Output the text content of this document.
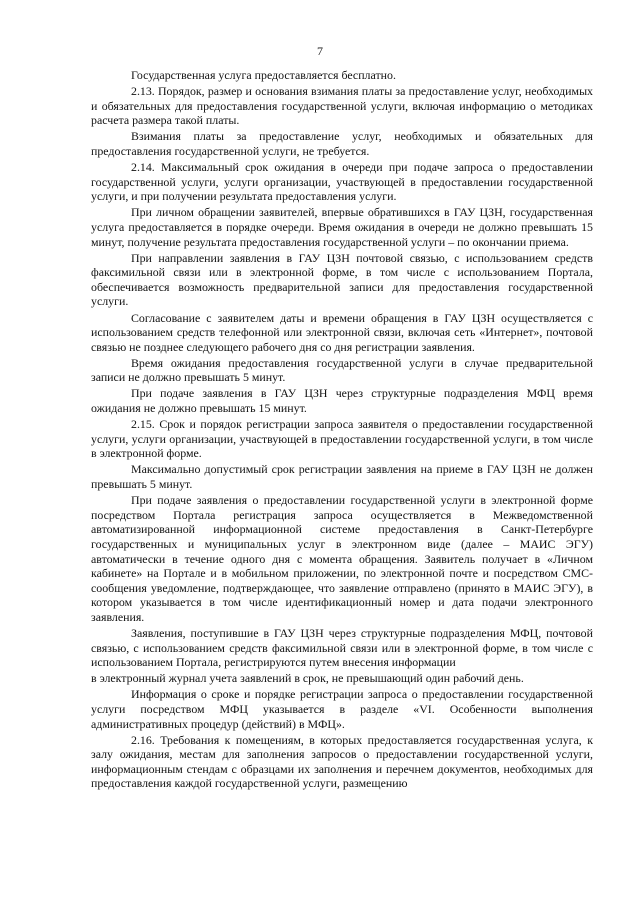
7

Государственная услуга предоставляется бесплатно.

2.13. Порядок, размер и основания взимания платы за предоставление услуг, необходимых и обязательных для предоставления государственной услуги, включая информацию о методиках расчета размера такой платы.

Взимания платы за предоставление услуг, необходимых и обязательных для предоставления государственной услуги, не требуется.

2.14. Максимальный срок ожидания в очереди при подаче запроса о предоставлении государственной услуги, услуги организации, участвующей в предоставлении государственной услуги, и при получении результата предоставления услуги.

При личном обращении заявителей, впервые обратившихся в ГАУ ЦЗН, государственная услуга предоставляется в порядке очереди. Время ожидания в очереди не должно превышать 15 минут, получение результата предоставления государственной услуги – по окончании приема.

При направлении заявления в ГАУ ЦЗН почтовой связью, с использованием средств факсимильной связи или в электронной форме, в том числе с использованием Портала, обеспечивается возможность предварительной записи для предоставления государственной услуги.

Согласование с заявителем даты и времени обращения в ГАУ ЦЗН осуществляется с использованием средств телефонной или электронной связи, включая сеть «Интернет», почтовой связью не позднее следующего рабочего дня со дня регистрации заявления.

Время ожидания предоставления государственной услуги в случае предварительной записи не должно превышать 5 минут.

При подаче заявления в ГАУ ЦЗН через структурные подразделения МФЦ время ожидания не должно превышать 15 минут.

2.15. Срок и порядок регистрации запроса заявителя о предоставлении государственной услуги, услуги организации, участвующей в предоставлении государственной услуги, в том числе в электронной форме.

Максимально допустимый срок регистрации заявления на приеме в ГАУ ЦЗН не должен превышать 5 минут.

При подаче заявления о предоставлении государственной услуги в электронной форме посредством Портала регистрация запроса осуществляется в Межведомственной автоматизированной информационной системе предоставления в Санкт-Петербурге государственных и муниципальных услуг в электронном виде (далее – МАИС ЭГУ) автоматически в течение одного дня с момента обращения. Заявитель получает в «Личном кабинете» на Портале и в мобильном приложении, по электронной почте и посредством СМС-сообщения уведомление, подтверждающее, что заявление отправлено (принято в МАИС ЭГУ), в котором указывается в том числе идентификационный номер и дата подачи электронного заявления.

Заявления, поступившие в ГАУ ЦЗН через структурные подразделения МФЦ, почтовой связью, с использованием средств факсимильной связи или в электронной форме, в том числе с использованием Портала, регистрируются путем внесения информации

в электронный журнал учета заявлений в срок, не превышающий один рабочий день.

Информация о сроке и порядке регистрации запроса о предоставлении государственной услуги посредством МФЦ указывается в разделе «VI. Особенности выполнения административных процедур (действий) в МФЦ».

2.16. Требования к помещениям, в которых предоставляется государственная услуга, к залу ожидания, местам для заполнения запросов о предоставлении государственной услуги, информационным стендам с образцами их заполнения и перечнем документов, необходимых для предоставления каждой государственной услуги, размещению
